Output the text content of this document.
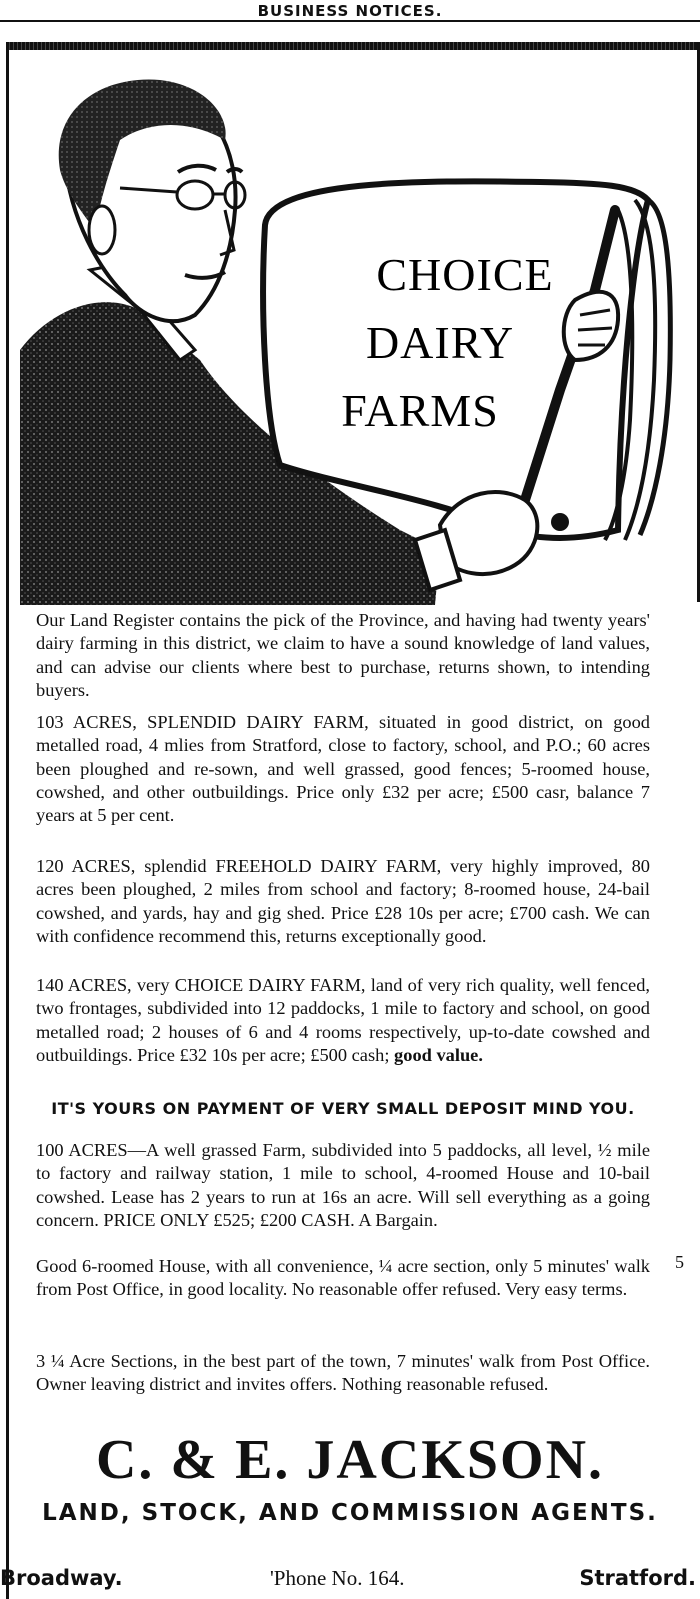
BUSINESS NOTICES.
CHOICE
DAIRY
FARMS

Our Land Register contains the pick of the Province, and having had twenty years' dairy farming in this district, we claim to have a sound knowledge of land values, and can advise our clients where best to purchase, returns shown, to intending buyers.

103 ACRES, SPLENDID DAIRY FARM, situated in good district, on good metalled road, 4 mlies from Stratford, close to factory, school, and P.O.; 60 acres been ploughed and re-sown, and well grassed, good fences; 5-roomed house, cowshed, and other outbuildings. Price only £32 per acre; £500 casr, balance 7 years at 5 per cent.

120 ACRES, splendid FREEHOLD DAIRY FARM, very highly improved, 80 acres been ploughed, 2 miles from school and factory; 8-roomed house, 24-bail cowshed, and yards, hay and gig shed. Price £28 10s per acre; £700 cash. We can with confidence recommend this, returns exceptionally good.

140 ACRES, very CHOICE DAIRY FARM, land of very rich quality, well fenced, two frontages, subdivided into 12 paddocks, 1 mile to factory and school, on good metalled road; 2 houses of 6 and 4 rooms respectively, up-to-date cowshed and outbuildings. Price £32 10s per acre; £500 cash; good value.

IT'S YOURS ON PAYMENT OF VERY SMALL DEPOSIT MIND YOU.

100 ACRES—A well grassed Farm, subdivided into 5 paddocks, all level, ½ mile to factory and railway station, 1 mile to school, 4-roomed House and 10-bail cowshed. Lease has 2 years to run at 16s an acre. Will sell everything as a going concern. PRICE ONLY £525; £200 CASH. A Bargain.

Good 6-roomed House, with all convenience, ¼ acre section, only 5 minutes' walk from Post Office, in good locality. No reasonable offer refused. Very easy terms.

3 ¼ Acre Sections, in the best part of the town, 7 minutes' walk from Post Office. Owner leaving district and invites offers. Nothing reasonable refused.

5
C. & E. JACKSON.
LAND, STOCK, AND COMMISSION AGENTS.
Broadway.	'Phone No. 164.	Stratford.
